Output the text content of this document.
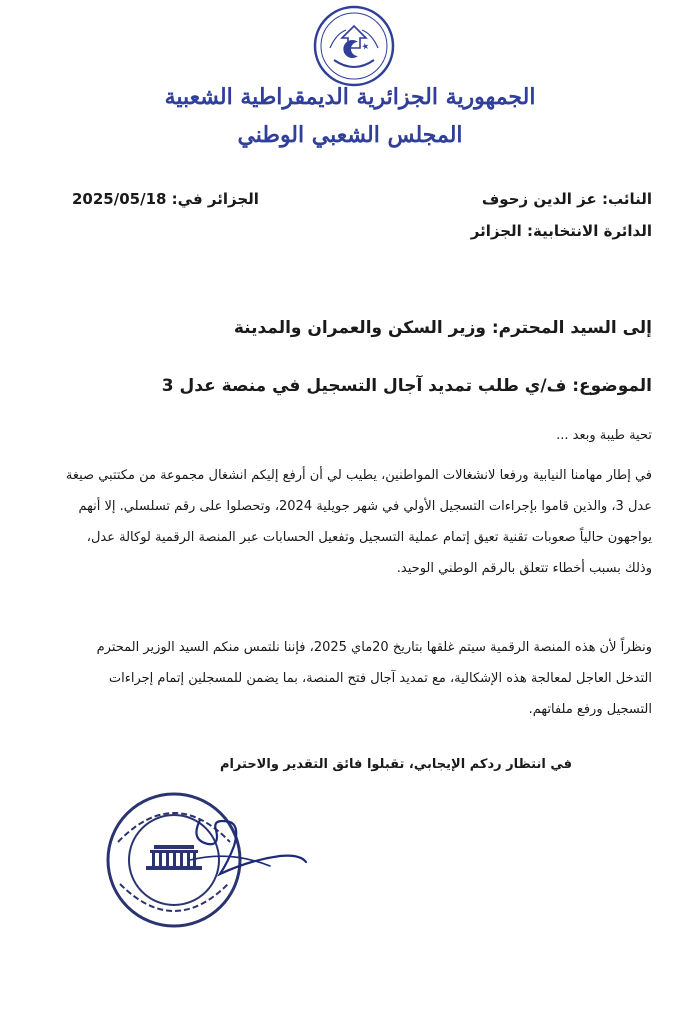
الجمهورية الجزائرية الديمقراطية الشعبية
المجلس الشعبي الوطني
النائب: عز الدين زحوف
الدائرة الانتخابية: الجزائر
الجزائر في: 2025/05/18
إلى السيد المحترم: وزير السكن والعمران والمدينة
الموضوع: ف/ي طلب تمديد آجال التسجيل في منصة عدل 3
تحية طيبة وبعد ...
في إطار مهامنا النيابية ورفعا لانشغالات المواطنين، يطيب لي أن أرفع إليكم انشغال مجموعة من مكتتبي صيغة
عدل 3، والذين قاموا بإجراءات التسجيل الأولي في شهر جويلية 2024، وتحصلوا على رقم تسلسلي. إلا أنهم
يواجهون حالياً صعوبات تقنية تعيق إتمام عملية التسجيل وتفعيل الحسابات عبر المنصة الرقمية لوكالة عدل،
وذلك بسبب أخطاء تتعلق بالرقم الوطني الوحيد.
ونظراً لأن هذه المنصة الرقمية سيتم غلقها بتاريخ 20ماي 2025، فإننا نلتمس منكم السيد الوزير المحترم
التدخل العاجل لمعالجة هذه الإشكالية، مع تمديد آجال فتح المنصة، بما يضمن للمسجلين إتمام إجراءات
التسجيل ورفع ملفاتهم.
في انتظار ردكم الإيجابي، تقبلوا فائق التقدير والاحترام
